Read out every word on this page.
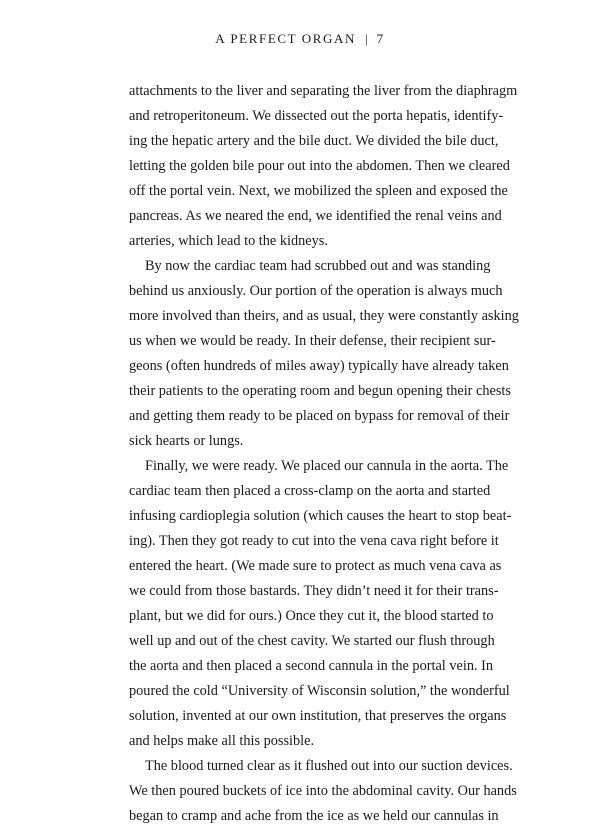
A PERFECT ORGAN | 7
attachments to the liver and separating the liver from the diaphragm
and retroperitoneum. We dissected out the porta hepatis, identify-
ing the hepatic artery and the bile duct. We divided the bile duct,
letting the golden bile pour out into the abdomen. Then we cleared
off the portal vein. Next, we mobilized the spleen and exposed the
pancreas. As we neared the end, we identified the renal veins and
arteries, which lead to the kidneys.
By now the cardiac team had scrubbed out and was standing
behind us anxiously. Our portion of the operation is always much
more involved than theirs, and as usual, they were constantly asking
us when we would be ready. In their defense, their recipient sur-
geons (often hundreds of miles away) typically have already taken
their patients to the operating room and begun opening their chests
and getting them ready to be placed on bypass for removal of their
sick hearts or lungs.
Finally, we were ready. We placed our cannula in the aorta. The
cardiac team then placed a cross-clamp on the aorta and started
infusing cardioplegia solution (which causes the heart to stop beat-
ing). Then they got ready to cut into the vena cava right before it
entered the heart. (We made sure to protect as much vena cava as
we could from those bastards. They didn’t need it for their trans-
plant, but we did for ours.) Once they cut it, the blood started to
well up and out of the chest cavity. We started our flush through
the aorta and then placed a second cannula in the portal vein. In
poured the cold “University of Wisconsin solution,” the wonderful
solution, invented at our own institution, that preserves the organs
and helps make all this possible.
The blood turned clear as it flushed out into our suction devices.
We then poured buckets of ice into the abdominal cavity. Our hands
began to cramp and ache from the ice as we held our cannulas in
